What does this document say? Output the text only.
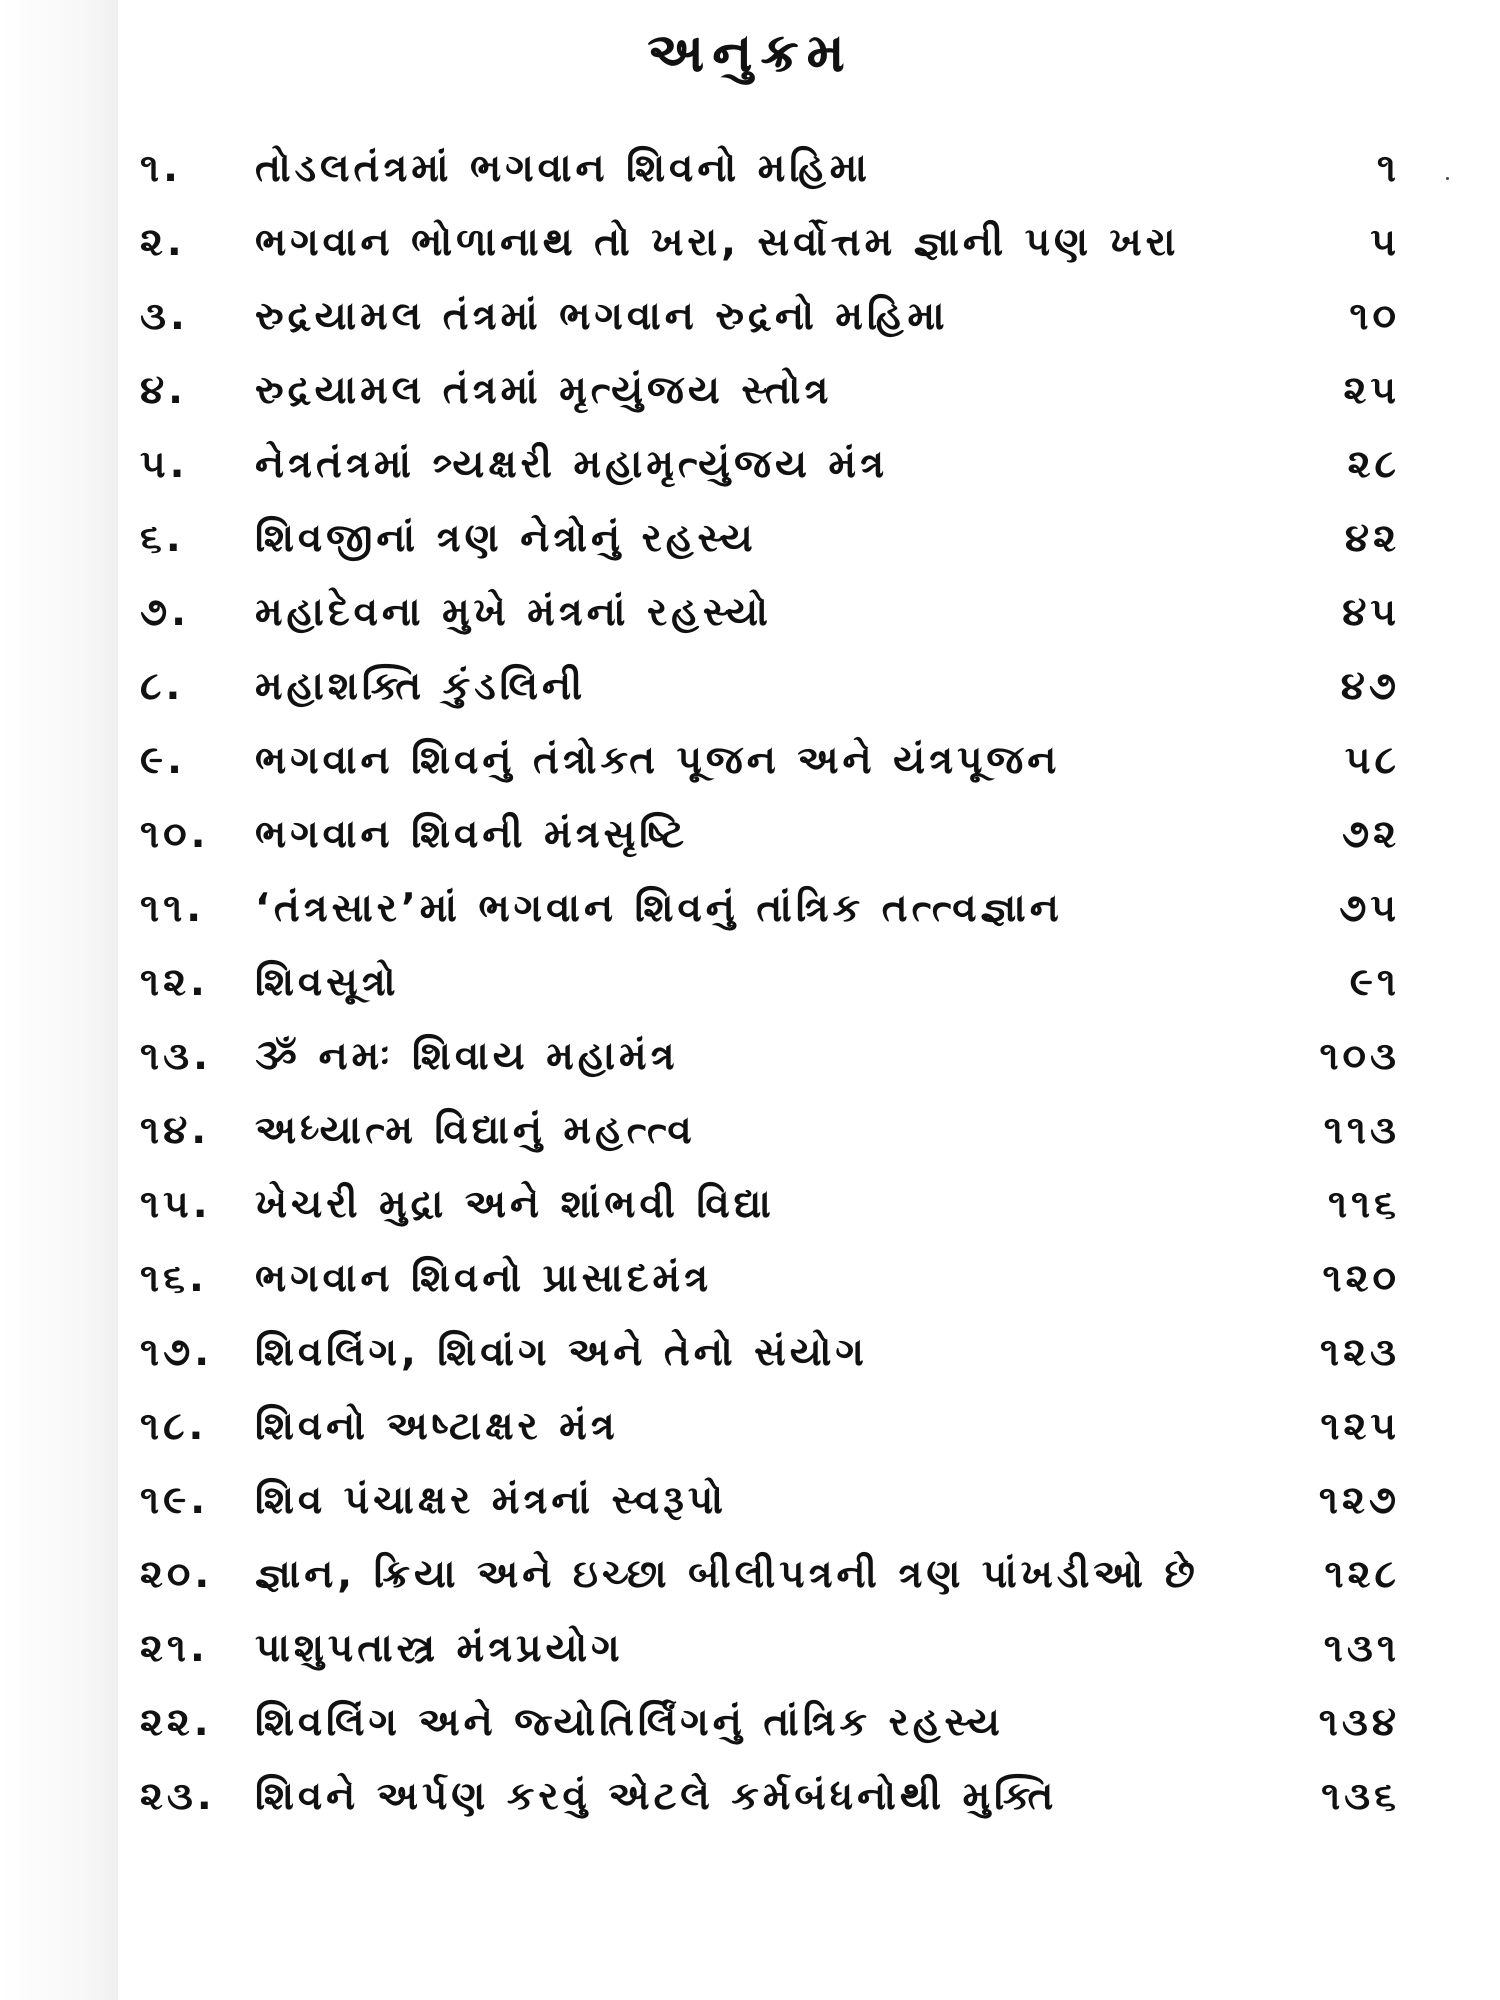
અનુક્રમ
૧.	તોડલતંત્રમાં ભગવાન શિવનો મહિમા	૧
૨.	ભગવાન ભોળાનાથ તો ખરા, સર્વોત્તમ જ્ઞાની પણ ખરા	૫
૩.	રુદ્રયામલ તંત્રમાં ભગવાન રુદ્રનો મહિમા	૧૦
૪.	રુદ્રયામલ તંત્રમાં મૃત્યુંજય સ્તોત્ર	૨૫
૫.	નેત્રતંત્રમાં ત્ર્યક્ષરી મહામૃત્યુંજય મંત્ર	૨૮
૬.	શિવજીનાં ત્રણ નેત્રોનું રહસ્ય	૪૨
૭.	મહાદેવના મુખે મંત્રનાં રહસ્યો	૪૫
૮.	મહાશક્તિ કુંડલિની	૪૭
૯.	ભગવાન શિવનું તંત્રોક્ત પૂજન અને યંત્રપૂજન	૫૮
૧૦.	ભગવાન શિવની મંત્રસૃષ્ટિ	૭૨
૧૧.	‘તંત્રસાર’માં ભગવાન શિવનું તાંત્રિક તત્ત્વજ્ઞાન	૭૫
૧૨.	શિવસૂત્રો	૯૧
૧૩.	ૐ નમઃ શિવાય મહામંત્ર	૧૦૩
૧૪.	અધ્યાત્મ વિદ્યાનું મહત્ત્વ	૧૧૩
૧૫.	ખેચરી મુદ્રા અને શાંભવી વિદ્યા	૧૧૬
૧૬.	ભગવાન શિવનો પ્રાસાદમંત્ર	૧૨૦
૧૭.	શિવલિંગ, શિવાંગ અને તેનો સંયોગ	૧૨૩
૧૮.	શિવનો અષ્ટાક્ષર મંત્ર	૧૨૫
૧૯.	શિવ પંચાક્ષર મંત્રનાં સ્વરૂપો	૧૨૭
૨૦.	જ્ઞાન, ક્રિયા અને ઇચ્છા બીલીપત્રની ત્રણ પાંખડીઓ છે	૧૨૮
૨૧.	પાશુપતાસ્ત્ર મંત્રપ્રયોગ	૧૩૧
૨૨.	શિવલિંગ અને જ્યોતિર્લિંગનું તાંત્રિક રહસ્ય	૧૩૪
૨૩.	શિવને અર્પણ કરવું એટલે કર્મબંધનોથી મુક્તિ	૧૩૬
